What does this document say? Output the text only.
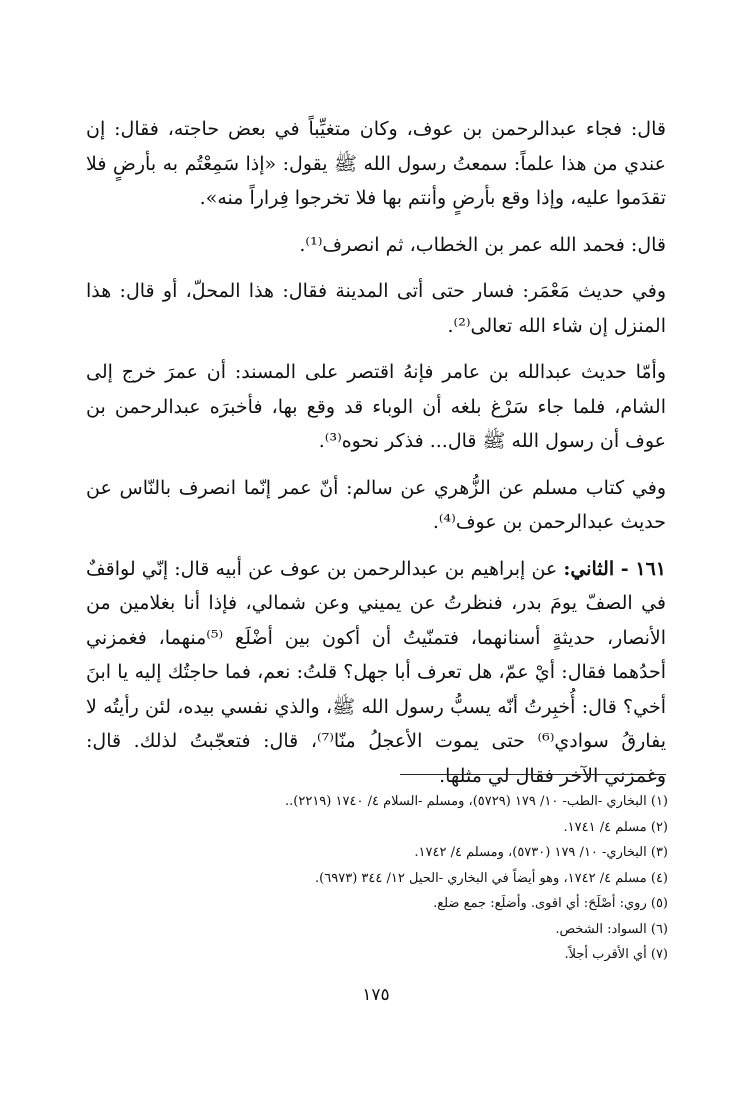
قال: فجاء عبدالرحمن بن عوف، وكان متغيِّباً في بعض حاجته، فقال: إن عندي من هذا علماً: سمعتُ رسول الله ﷺ يقول: «إذا سَمِعْتُم به بأرضٍ فلا تقدَموا عليه، وإذا وقع بأرضٍ وأنتم بها فلا تخرجوا فِراراً منه».

قال: فحمد الله عمر بن الخطاب، ثم انصرف⁽¹⁾.

وفي حديث مَعْمَر: فسار حتى أتى المدينة فقال: هذا المحلّ، أو قال: هذا المنزل إن شاء الله تعالى⁽²⁾.

وأمّا حديث عبدالله بن عامر فإنهُ اقتصر على المسند: أن عمرَ خرج إلى الشام، فلما جاء سَرْغ بلغه أن الوباء قد وقع بها، فأخبرَه عبدالرحمن بن عوف أن رسول الله ﷺ قال... فذكر نحوه⁽³⁾.

وفي كتاب مسلم عن الزُّهري عن سالم: أنّ عمر إنّما انصرف بالنّاس عن حديث عبدالرحمن بن عوف⁽⁴⁾.

١٦١ - الثاني: عن إبراهيم بن عبدالرحمن بن عوف عن أبيه قال: إنّي لواقفٌ في الصفّ يومَ بدر، فنظرتُ عن يميني وعن شمالي، فإذا أنا بغلامين من الأنصار، حديثةٍ أسنانهما، فتمنّيتُ أن أكون بين أضْلَع ⁽⁵⁾منهما، فغمزني أحدُهما فقال: أيْ عمّ، هل تعرف أبا جهل؟ قلتُ: نعم، فما حاجتُك إليه يا ابنَ أخي؟ قال: أُخبِرتُ أنّه يسبُّ رسول الله ﷺ، والذي نفسي بيده، لئن رأيتُه لا يفارقُ سوادي⁽⁶⁾ حتى يموت الأعجلُ منّا⁽⁷⁾، قال: فتعجّبتُ لذلك. قال: وغمزني الآخر فقال لي مثلها.

(١) البخاري -الطب- ١٠/ ١٧٩ (٥٧٢٩)، ومسلم -السلام ٤/ ١٧٤٠ (٢٢١٩)..
(٢) مسلم ٤/ ١٧٤١.
(٣) البخاري- ١٠/ ١٧٩ (٥٧٣٠)، ومسلم ٤/ ١٧٤٢.
(٤) مسلم ٤/ ١٧٤٢، وهو أيضاً في البخاري -الحيل ١٢/ ٣٤٤ (٦٩٧٣).
(٥) روي: أصْلَحَ: أي اقوى. وأضلَع: جمع ضلع.
(٦) السواد: الشخص.
(٧) أي الأقرب أجلاً.
١٧٥
